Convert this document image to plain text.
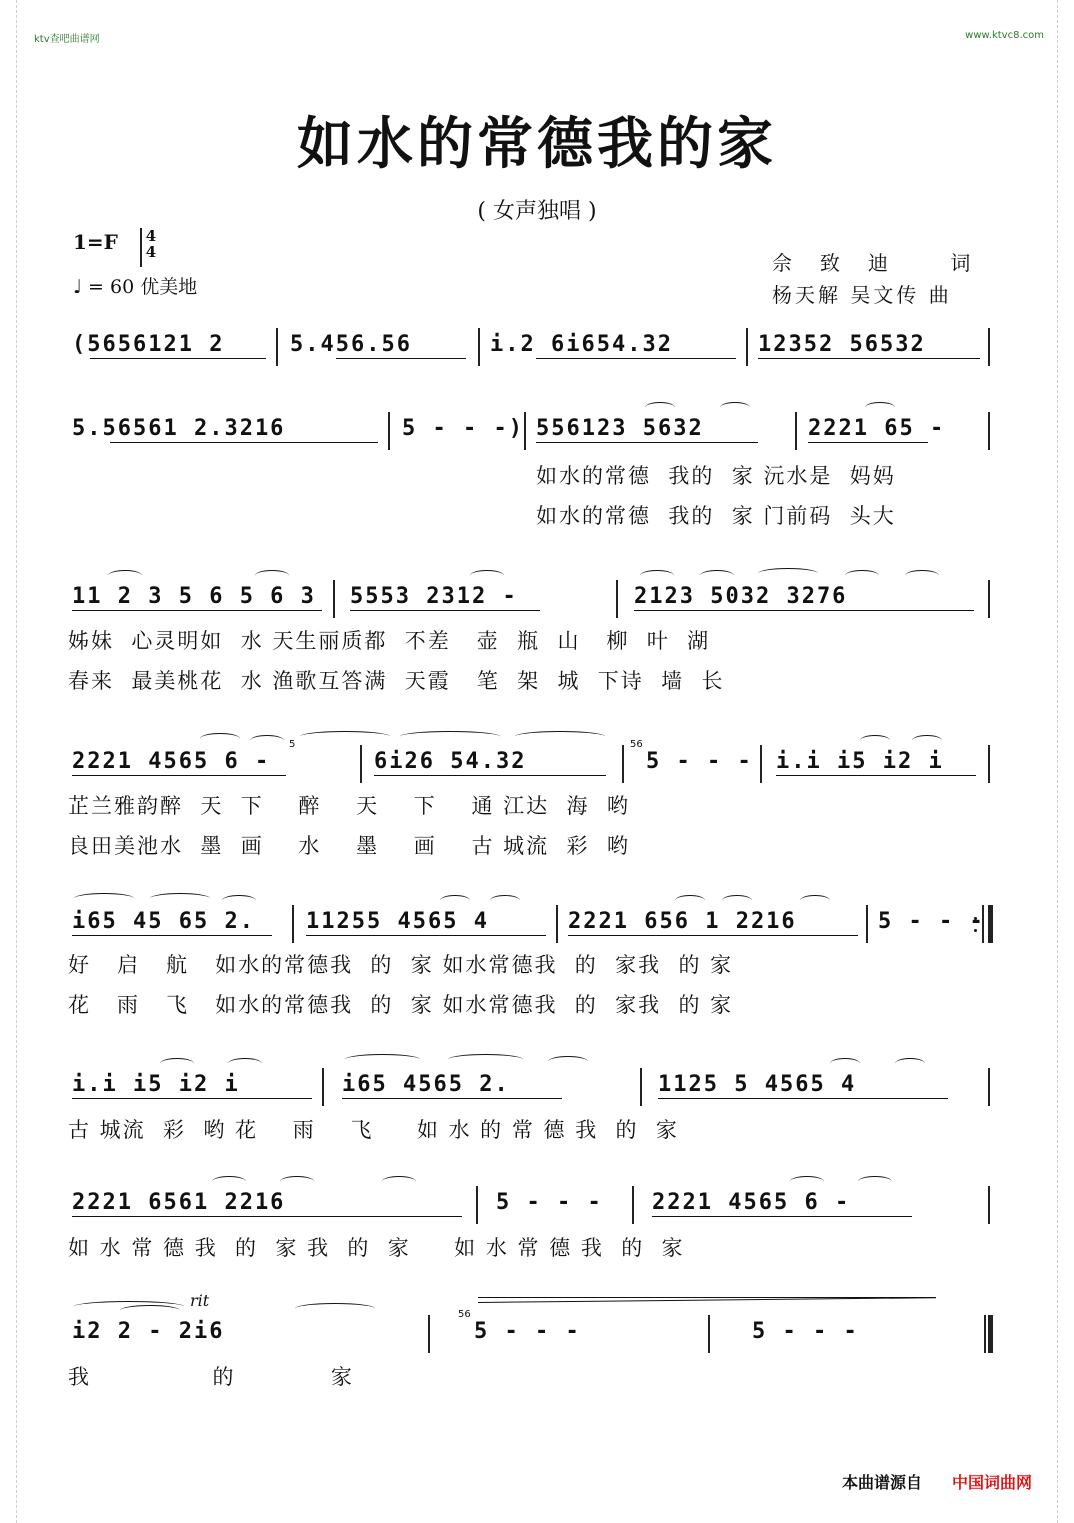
ktv查吧曲谱网	www.ktvc8.com
如水的常德我的家
( 女声独唱 )
1=F	4
4
♩ = 60 优美地
佘致迪 词
杨天解 吴文传 曲
(5656121 2	5.456.56	i.2 6i654.32	12352 56532
5.56561 2.3216	5 - - -) 556123 5632	2221 65 -
如水的常德  我的  家 沅水是  妈妈
如水的常德  我的  家 门前码  头大
11 2 3 5 6 5 6 3 5553 2312 -	2123 5032 3276
姊妹  心灵明如  水 天生丽质都  不差   壶  瓶  山   柳  叶  湖
春来  最美桃花  水 渔歌互答满  天霞   笔  架  城  下诗  墙  长
2221 4565 6 -	6i26 54.32	5 - - - i.i i5 i2 i
5	56
芷兰雅韵醉  天  下    醉    天    下    通 江达  海  哟
良田美池水  墨  画    水    墨    画    古 城流  彩  哟
i65 45 65 2. 11255 4565 4	2221 656 1 2216	5 - - -
好   启   航   如水的常德我  的  家 如水常德我  的  家我  的 家
花   雨   飞   如水的常德我  的  家 如水常德我  的  家我  的 家
i.i i5 i2 i	i65 4565 2.	1125 5 4565 4
古 城流  彩  哟 花    雨    飞     如 水 的 常 德 我  的  家
2221 6561 2216	5 - - - 2221 4565 6 -
如 水 常 德 我  的  家 我  的  家     如 水 常 德 我  的  家
i2 2 - 2i6	5 - - -	5 - - -
56
rit
我              的           家
本曲谱源自 中国词曲网
